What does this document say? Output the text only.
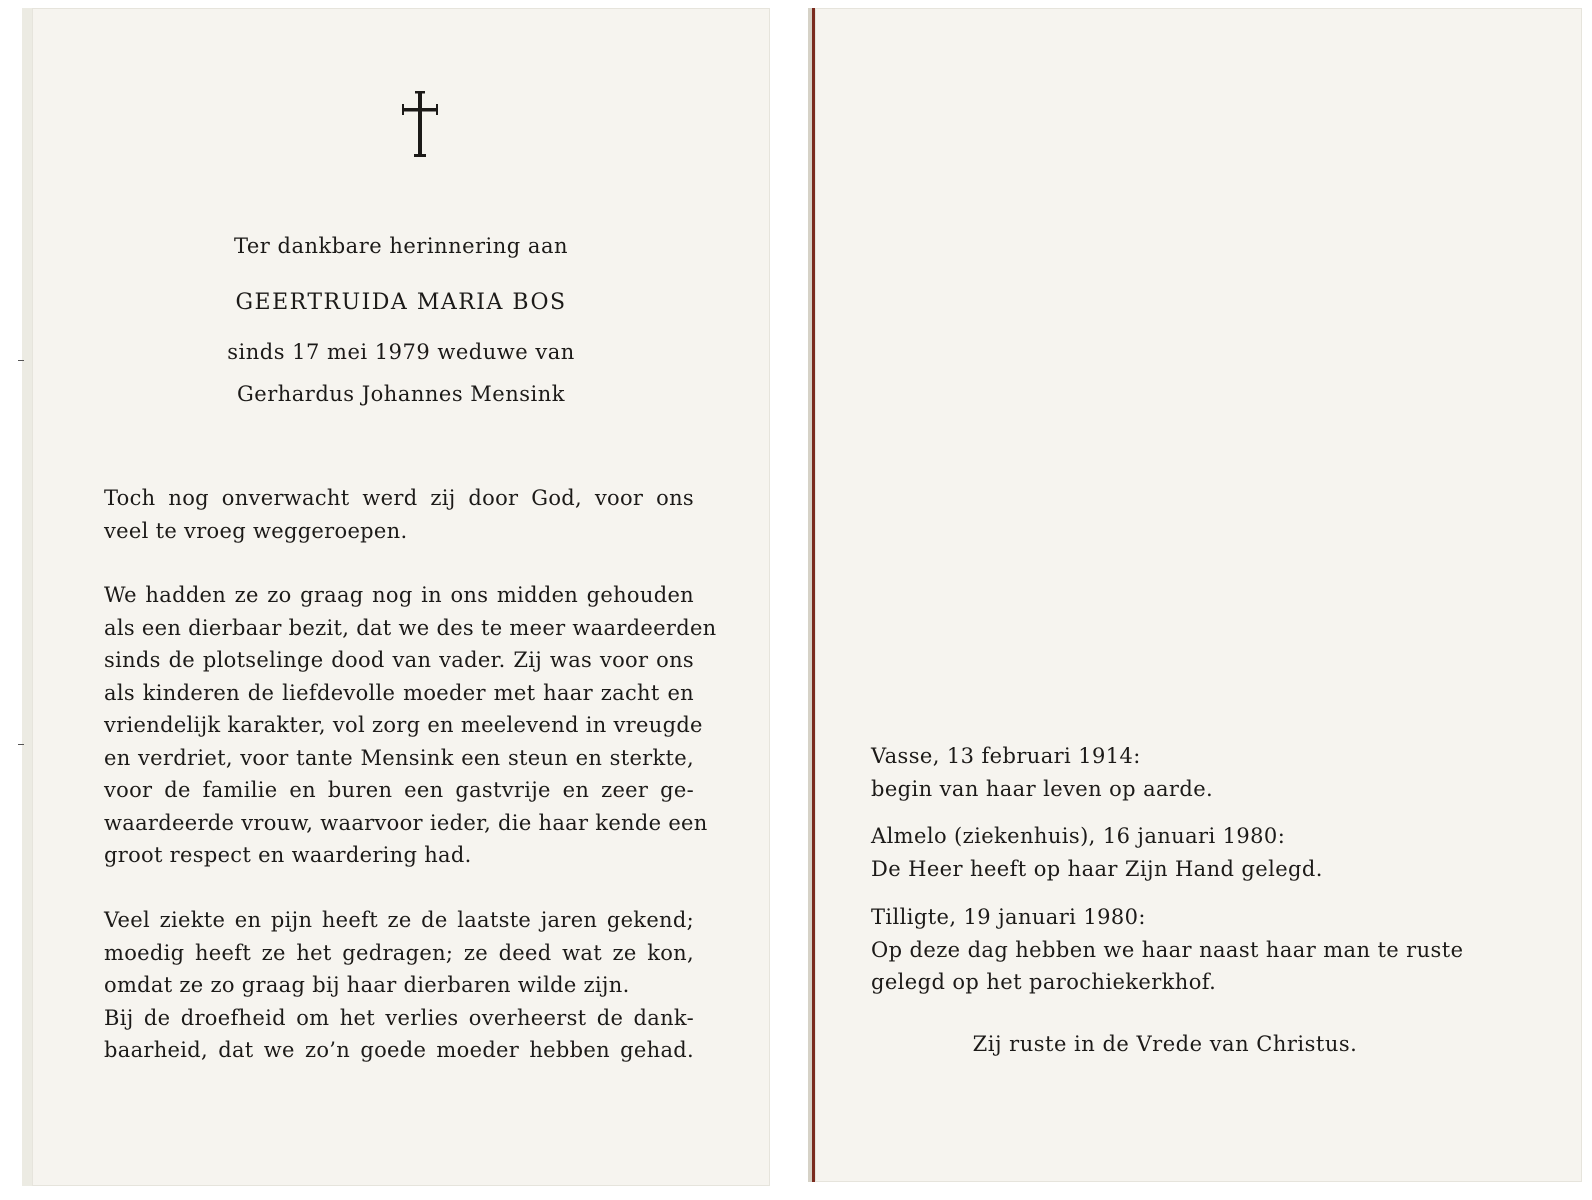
Ter dankbare herinnering aan

GEERTRUIDA MARIA BOS

sinds 17 mei 1979 weduwe van

Gerhardus Johannes Mensink

Toch nog onverwacht werd zij door God, voor ons
veel te vroeg weggeroepen.
We hadden ze zo graag nog in ons midden gehouden
als een dierbaar bezit, dat we des te meer waardeerden
sinds de plotselinge dood van vader. Zij was voor ons
als kinderen de liefdevolle moeder met haar zacht en
vriendelijk karakter, vol zorg en meelevend in vreugde
en verdriet, voor tante Mensink een steun en sterkte,
voor de familie en buren een gastvrije en zeer ge-
waardeerde vrouw, waarvoor ieder, die haar kende een
groot respect en waardering had.
Veel ziekte en pijn heeft ze de laatste jaren gekend;
moedig heeft ze het gedragen; ze deed wat ze kon,
omdat ze zo graag bij haar dierbaren wilde zijn.
Bij de droefheid om het verlies overheerst de dank-
baarheid, dat we zo’n goede moeder hebben gehad.
Vasse, 13 februari 1914:
begin van haar leven op aarde.
Almelo (ziekenhuis), 16 januari 1980:
De Heer heeft op haar Zijn Hand gelegd.
Tilligte, 19 januari 1980:
Op deze dag hebben we haar naast haar man te ruste
gelegd op het parochiekerkhof.

Zij ruste in de Vrede van Christus.
